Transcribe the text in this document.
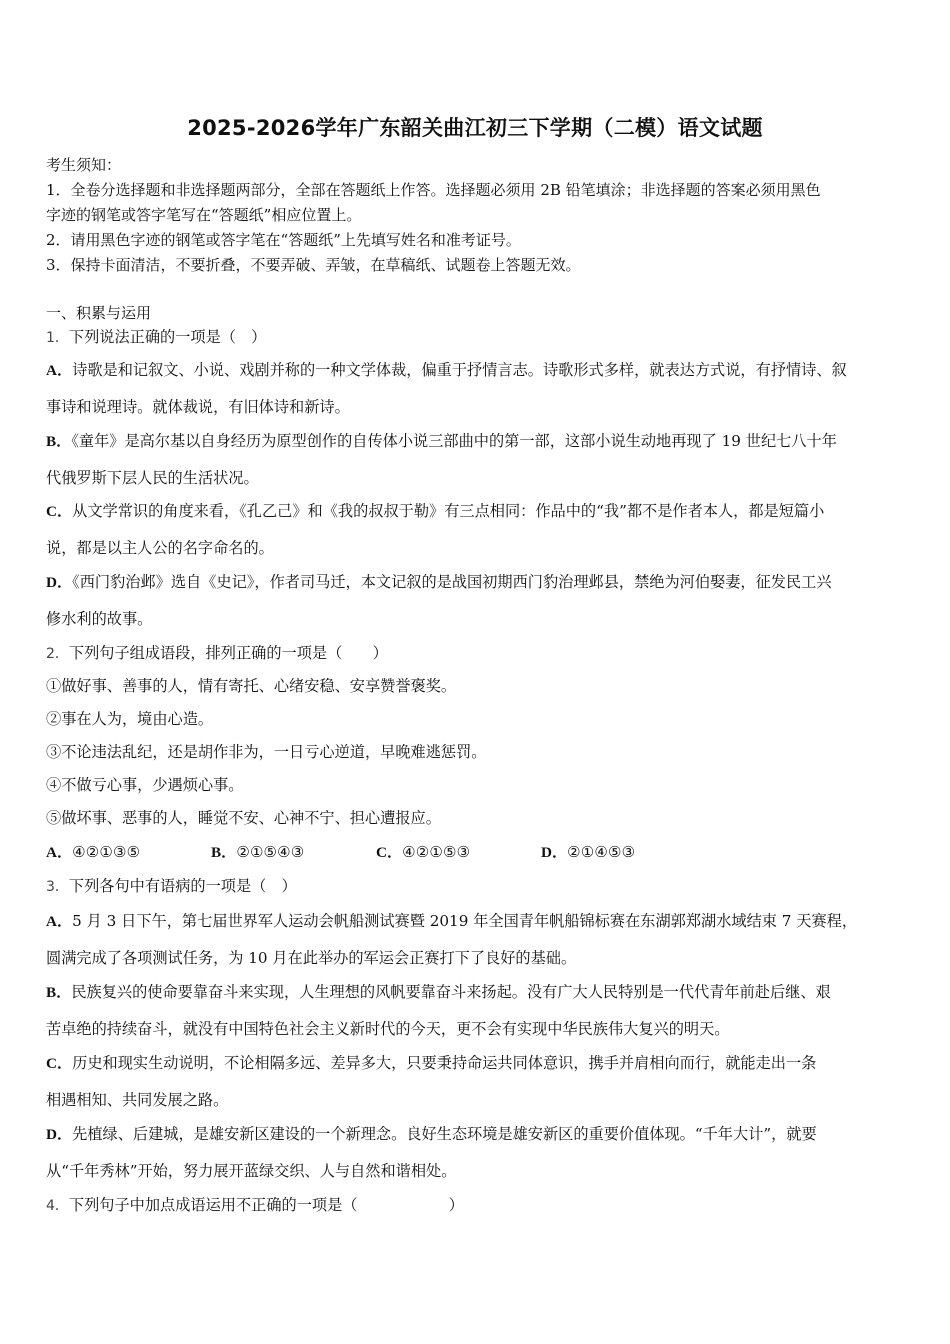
2025-2026学年广东韶关曲江初三下学期（二模）语文试题

考生须知：

1．全卷分选择题和非选择题两部分，全部在答题纸上作答。选择题必须用 2B 铅笔填涂；非选择题的答案必须用黑色

字迹的钢笔或答字笔写在“答题纸”相应位置上。

2．请用黑色字迹的钢笔或答字笔在“答题纸”上先填写姓名和准考证号。

3．保持卡面清洁，不要折叠，不要弄破、弄皱，在草稿纸、试题卷上答题无效。

一、积累与运用
1．下列说法正确的一项是（　）
A．诗歌是和记叙文、小说、戏剧并称的一种文学体裁，偏重于抒情言志。诗歌形式多样，就表达方式说，有抒情诗、叙
事诗和说理诗。就体裁说，有旧体诗和新诗。
B．《童年》是高尔基以自身经历为原型创作的自传体小说三部曲中的第一部，这部小说生动地再现了 19 世纪七八十年
代俄罗斯下层人民的生活状况。
C．从文学常识的角度来看，《孔乙己》和《我的叔叔于勒》有三点相同：作品中的“我”都不是作者本人，都是短篇小
说，都是以主人公的名字命名的。
D．《西门豹治邺》选自《史记》，作者司马迁，本文记叙的是战国初期西门豹治理邺县，禁绝为河伯娶妻，征发民工兴
修水利的故事。
2．下列句子组成语段，排列正确的一项是（　　）
①做好事、善事的人，情有寄托、心绪安稳、安享赞誉褒奖。
②事在人为，境由心造。
③不论违法乱纪，还是胡作非为，一日亏心逆道，早晚难逃惩罚。
④不做亏心事，少遇烦心事。
⑤做坏事、恶事的人，睡觉不安、心神不宁、担心遭报应。
A．④②①③⑤	B．②①⑤④③	C．④②①⑤③	D．②①④⑤③
3．下列各句中有语病的一项是（　）
A．5 月 3 日下午，第七届世界军人运动会帆船测试赛暨 2019 年全国青年帆船锦标赛在东湖郭郑湖水域结束 7 天赛程，
圆满完成了各项测试任务，为 10 月在此举办的军运会正赛打下了良好的基础。
B．民族复兴的使命要靠奋斗来实现，人生理想的风帆要靠奋斗来扬起。没有广大人民特别是一代代青年前赴后继、艰
苦卓绝的持续奋斗，就没有中国特色社会主义新时代的今天，更不会有实现中华民族伟大复兴的明天。
C．历史和现实生动说明，不论相隔多远、差异多大，只要秉持命运共同体意识，携手并肩相向而行，就能走出一条
相遇相知、共同发展之路。
D．先植绿、后建城，是雄安新区建设的一个新理念。良好生态环境是雄安新区的重要价值体现。“千年大计”，就要
从“千年秀林”开始，努力展开蓝绿交织、人与自然和谐相处。
4．下列句子中加点成语运用不正确的一项是（　　　　　　）
